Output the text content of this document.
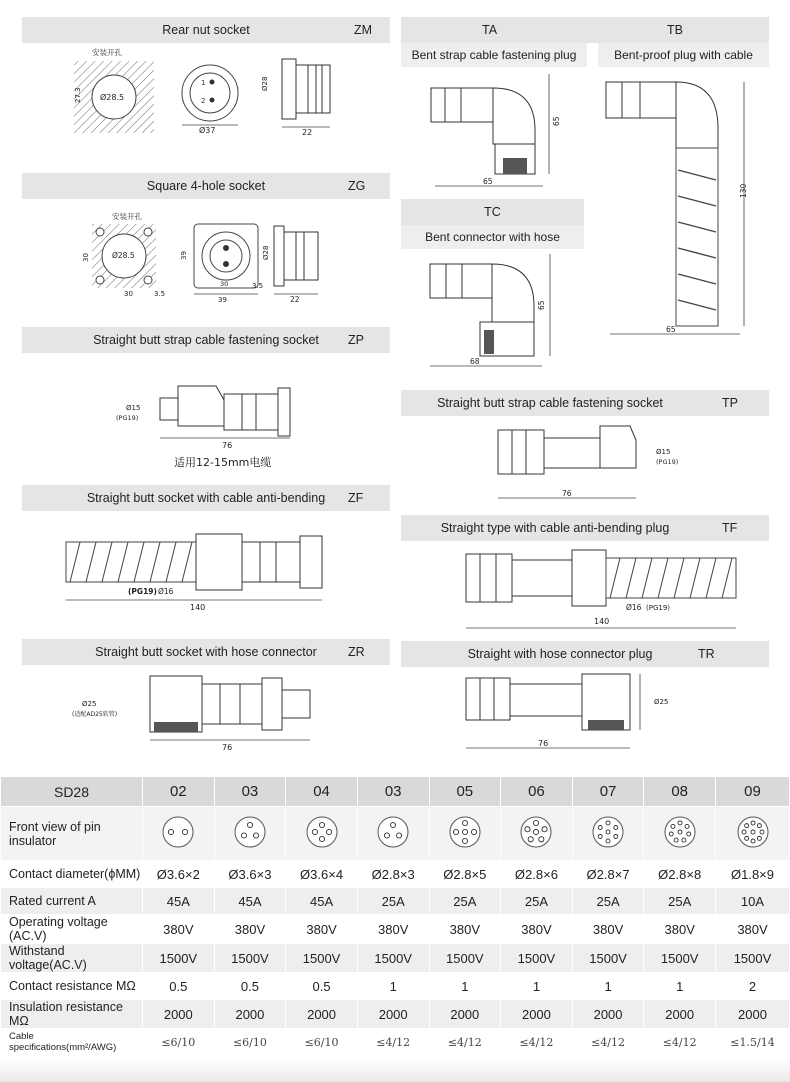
Rear nut socket	ZM
安装开孔
Ø28.5
27.3
1
2
Ø37
Ø28
22
Square 4-hole socket	ZG
安装开孔
Ø28.5
30
30	3.5
39
30
39
Ø28
3.5
22
Straight butt strap cable fastening socket	ZP
Ø15
(PG19)
76
适用12-15mm电缆
Straight butt socket with cable anti-bending	ZF
(PG19) Ø16
140
Straight butt socket with hose connector	ZR
Ø25
(适配AD25软管)
76
TA	TB
Bent strap cable fastening plug	Bent-proof plug with cable
65
65
130
65
TC
Bent connector with hose
65
68
Straight butt strap cable fastening socket	TP
Ø15
(PG19)
76
Straight type with cable anti-bending plug	TF
Ø16 (PG19)
140
Straight with hose connector plug	TR
Ø25
76
SD28	02	03	04	03	05	06	07	08	09
Front view of pin insulator									
Contact diameter(ϕMM)	Ø3.6×2	Ø3.6×3	Ø3.6×4	Ø2.8×3	Ø2.8×5	Ø2.8×6	Ø2.8×7	Ø2.8×8	Ø1.8×9
Rated current A	45A	45A	45A	25A	25A	25A	25A	25A	10A
Operating voltage (AC.V)	380V	380V	380V	380V	380V	380V	380V	380V	380V
Withstand voltage(AC.V)	1500V	1500V	1500V	1500V	1500V	1500V	1500V	1500V	1500V
Contact resistance MΩ	0.5	0.5	0.5	1	1	1	1	1	2
Insulation resistance MΩ	2000	2000	2000	2000	2000	2000	2000	2000	2000
Cable specifications(mm²/AWG)	≤6/10	≤6/10	≤6/10	≤4/12	≤4/12	≤4/12	≤4/12	≤4/12	≤1.5/14
